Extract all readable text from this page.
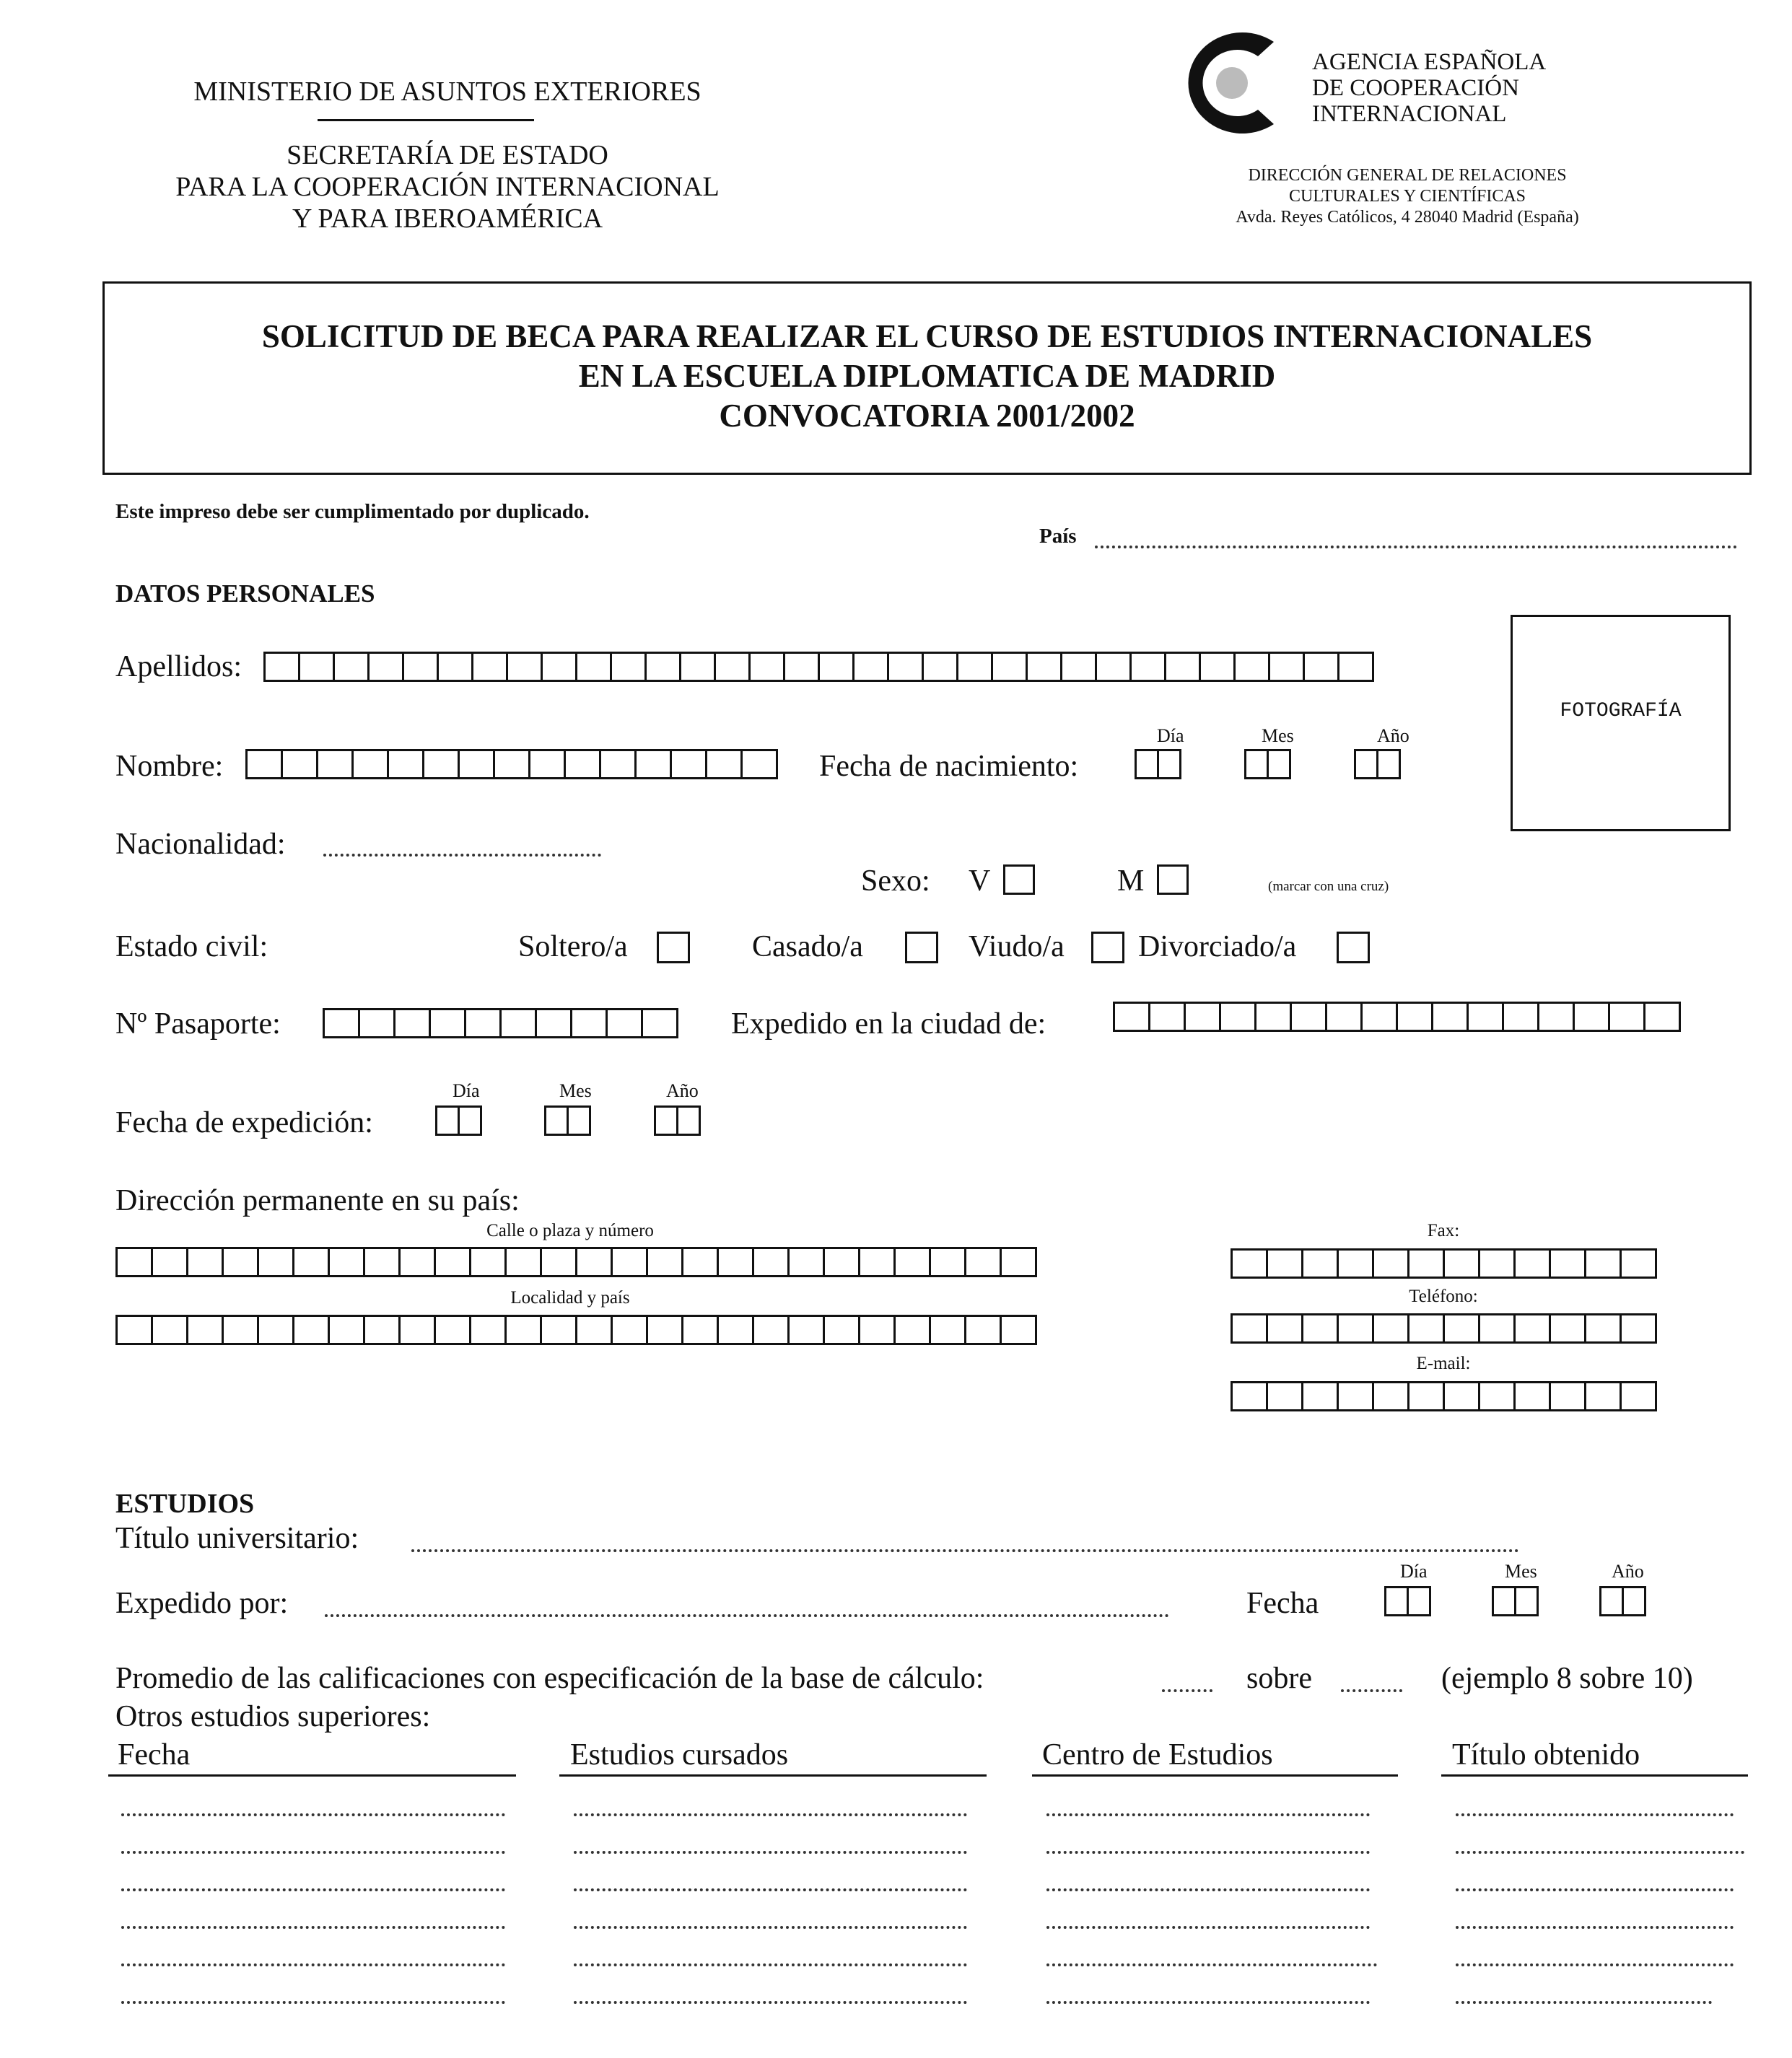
MINISTERIO DE ASUNTOS EXTERIORES
SECRETARÍA DE ESTADO
PARA LA COOPERACIÓN INTERNACIONAL
Y PARA IBEROAMÉRICA
AGENCIA ESPAÑOLA
DE COOPERACIÓN
INTERNACIONAL
DIRECCIÓN GENERAL DE RELACIONES
CULTURALES Y CIENTÍFICAS
Avda. Reyes Católicos, 4 28040 Madrid (España)
SOLICITUD DE BECA PARA REALIZAR EL CURSO DE ESTUDIOS INTERNACIONALES
EN LA ESCUELA DIPLOMATICA DE MADRID
CONVOCATORIA 2001/2002
Este impreso debe ser cumplimentado por duplicado.
País
DATOS PERSONALES
Apellidos:
FOTOGRAFÍA
Día	Mes	Año
Nombre:	Fecha de nacimiento:
Nacionalidad:
Sexo: V	M	(marcar con una cruz)
Estado civil:	Soltero/a	Casado/a	Viudo/a Divorciado/a
Nº Pasaporte:	Expedido en la ciudad de:
Día	Mes	Año
Fecha de expedición:
Dirección permanente en su país:
Calle o plaza y número
Localidad y país
Fax:
Teléfono:
E-mail:
ESTUDIOS
Título universitario:
Día	Mes	Año
Expedido por:	Fecha
Promedio de las calificaciones con especificación de la base de cálculo:	sobre	(ejemplo 8 sobre 10)
Otros estudios superiores:
Fecha	Estudios cursados	Centro de Estudios	Título obtenido
